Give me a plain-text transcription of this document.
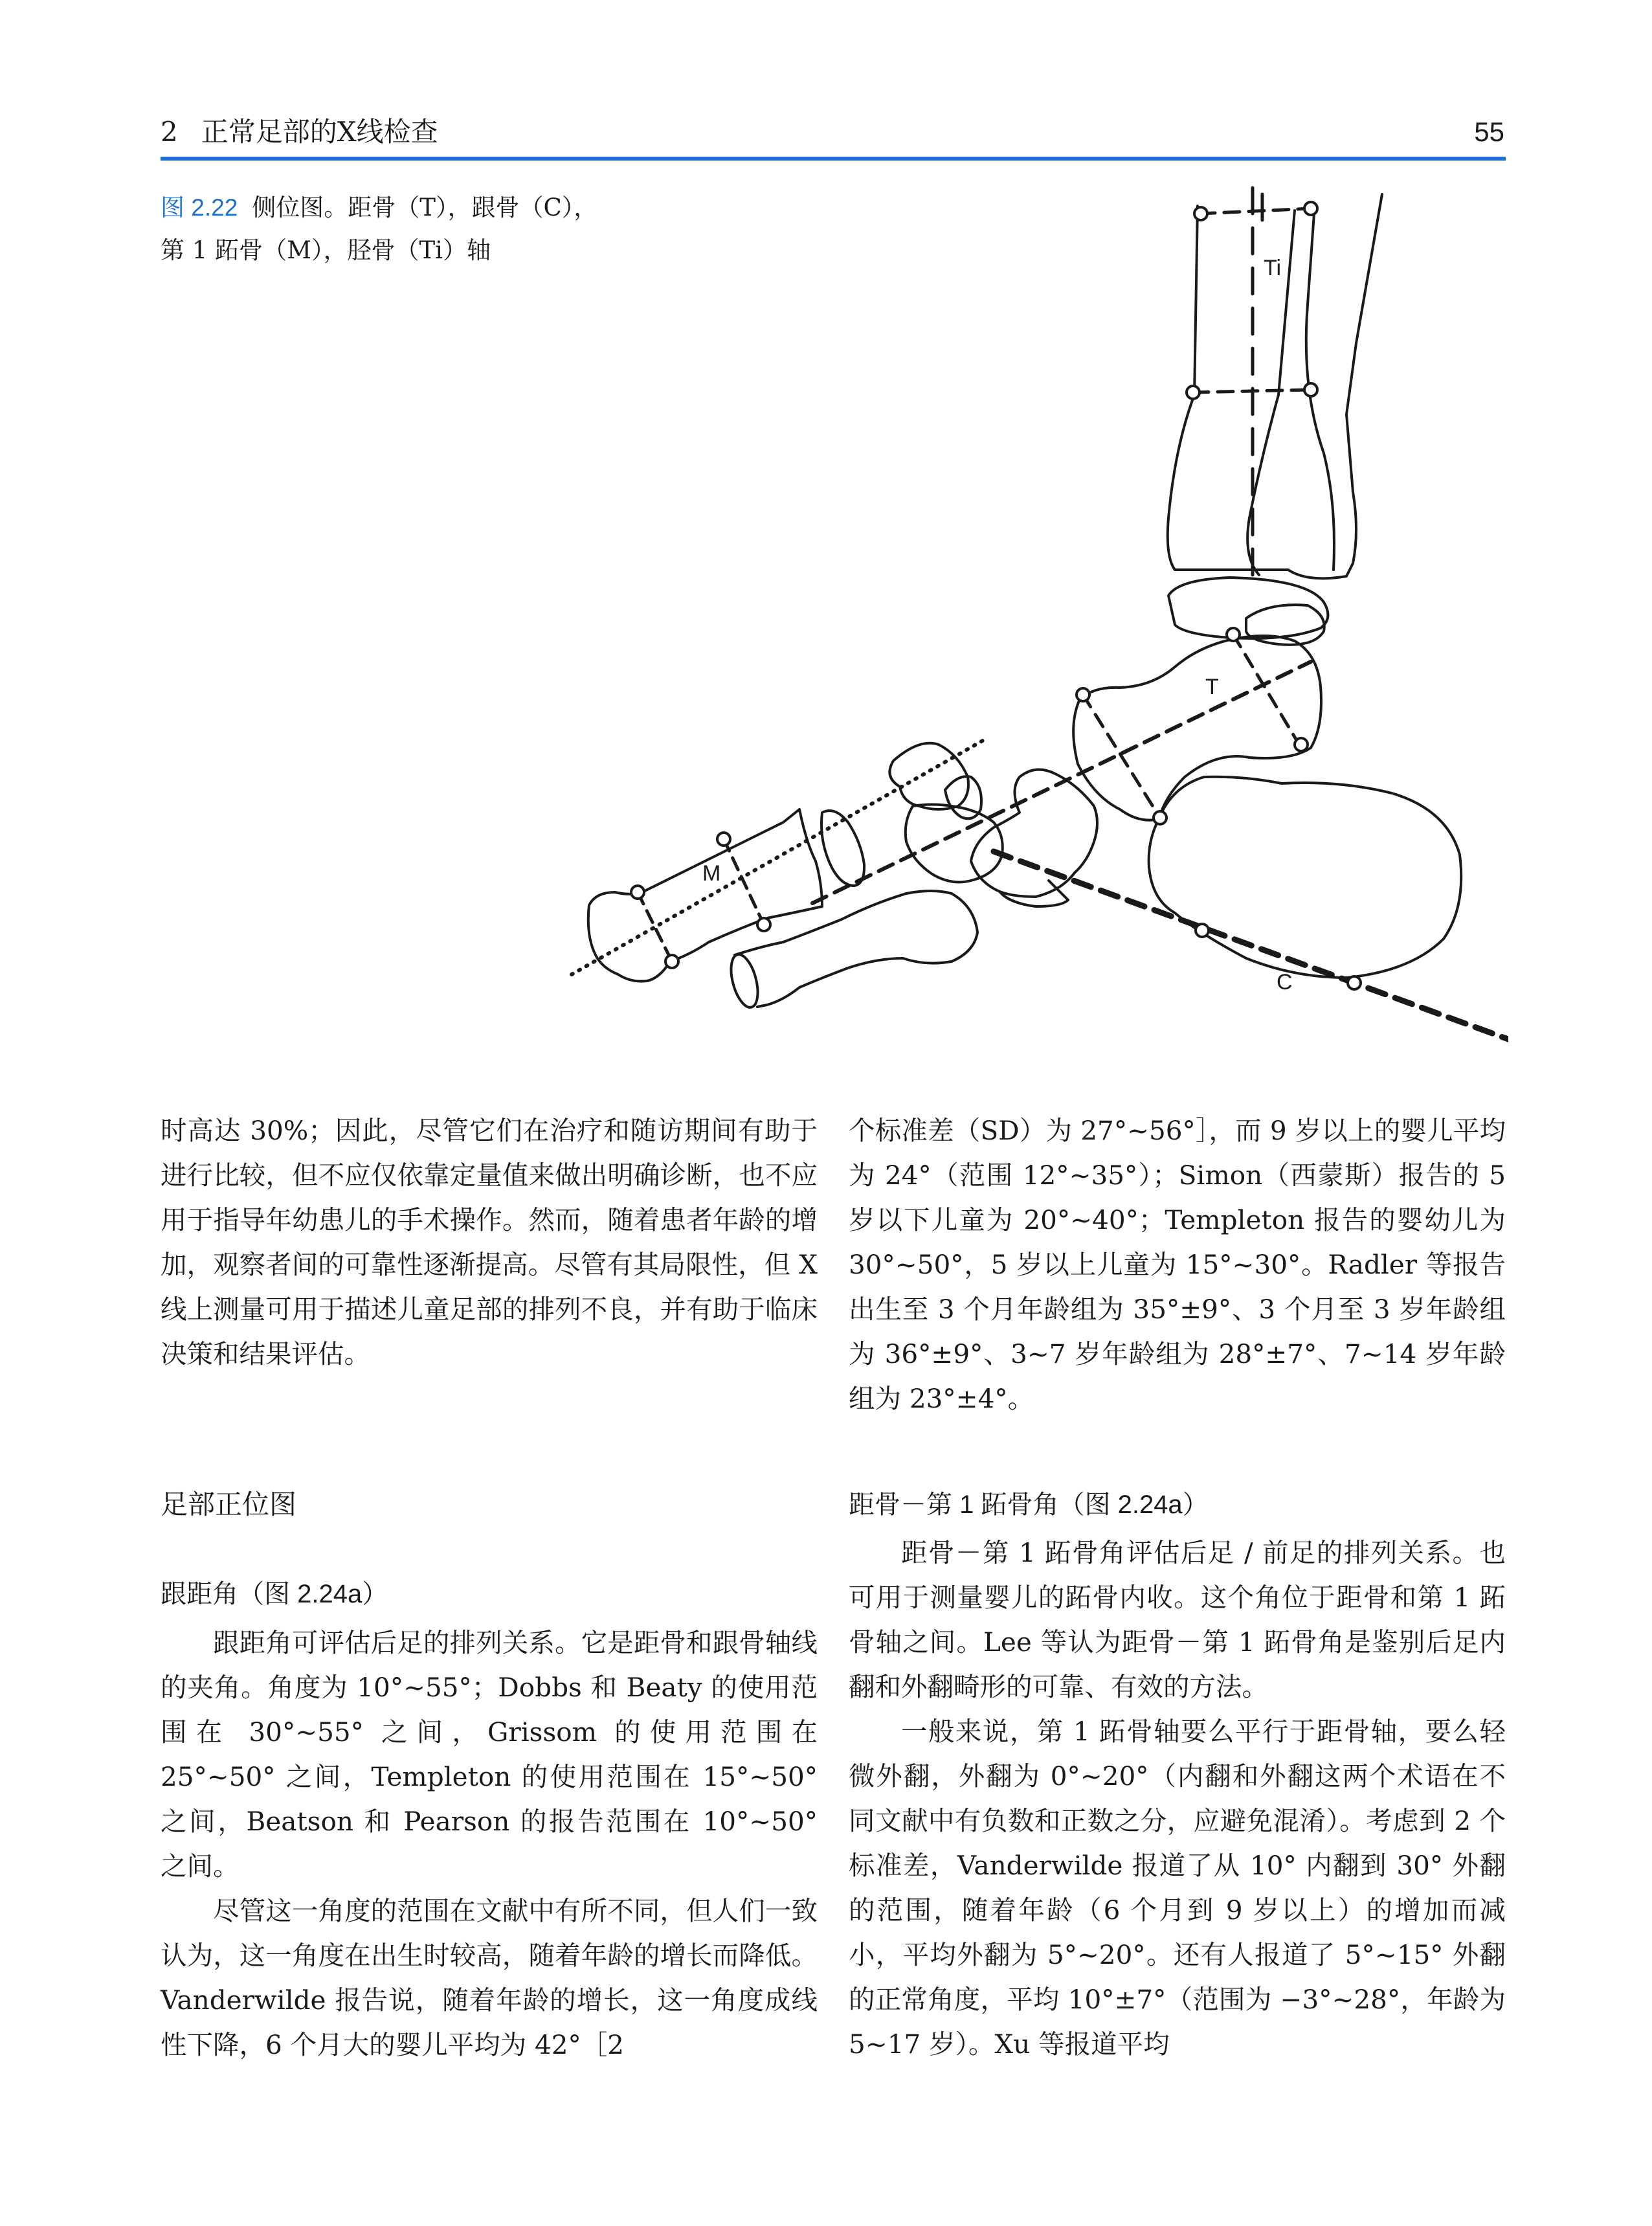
2 正常足部的X线检查	55
图 2.22 侧位图。距骨（T），跟骨（C），
第 1 跖骨（M），胫骨（Ti）轴
Ti
T
M
C

时高达 30%；因此，尽管它们在治疗和随访期间有助于进行比较，但不应仅依靠定量值来做出明确诊断，也不应用于指导年幼患儿的手术操作。然而，随着患者年龄的增加，观察者间的可靠性逐渐提高。尽管有其局限性，但 X 线上测量可用于描述儿童足部的排列不良，并有助于临床决策和结果评估。

足部正位图
跟距角（图 2.24a）

跟距角可评估后足的排列关系。它是距骨和跟骨轴线的夹角。角度为 10°~55°；Dobbs 和 Beaty 的使用范围在 30°~55° 之间，Grissom 的使用范围在 25°~50° 之间，Templeton 的使用范围在 15°~50° 之间，Beatson 和 Pearson 的报告范围在 10°~50° 之间。

尽管这一角度的范围在文献中有所不同，但人们一致认为，这一角度在出生时较高，随着年龄的增长而降低。Vanderwilde 报告说，随着年龄的增长，这一角度成线性下降，6 个月大的婴儿平均为 42°［2

个标准差（SD）为 27°~56°］，而 9 岁以上的婴儿平均为 24°（范围 12°~35°）；Simon（西蒙斯）报告的 5 岁以下儿童为 20°~40°；Templeton 报告的婴幼儿为 30°~50°，5 岁以上儿童为 15°~30°。Radler 等报告出生至 3 个月年龄组为 35°±9°、3 个月至 3 岁年龄组为 36°±9°、3~7 岁年龄组为 28°±7°、7~14 岁年龄组为 23°±4°。

距骨－第 1 跖骨角（图 2.24a）

距骨－第 1 跖骨角评估后足 / 前足的排列关系。也可用于测量婴儿的跖骨内收。这个角位于距骨和第 1 跖骨轴之间。Lee 等认为距骨－第 1 跖骨角是鉴别后足内翻和外翻畸形的可靠、有效的方法。

一般来说，第 1 跖骨轴要么平行于距骨轴，要么轻微外翻，外翻为 0°~20°（内翻和外翻这两个术语在不同文献中有负数和正数之分，应避免混淆）。考虑到 2 个标准差，Vanderwilde 报道了从 10° 内翻到 30° 外翻的范围，随着年龄（6 个月到 9 岁以上）的增加而减小，平均外翻为 5°~20°。还有人报道了 5°~15° 外翻的正常角度，平均 10°±7°（范围为 −3°~28°，年龄为 5~17 岁）。Xu 等报道平均
